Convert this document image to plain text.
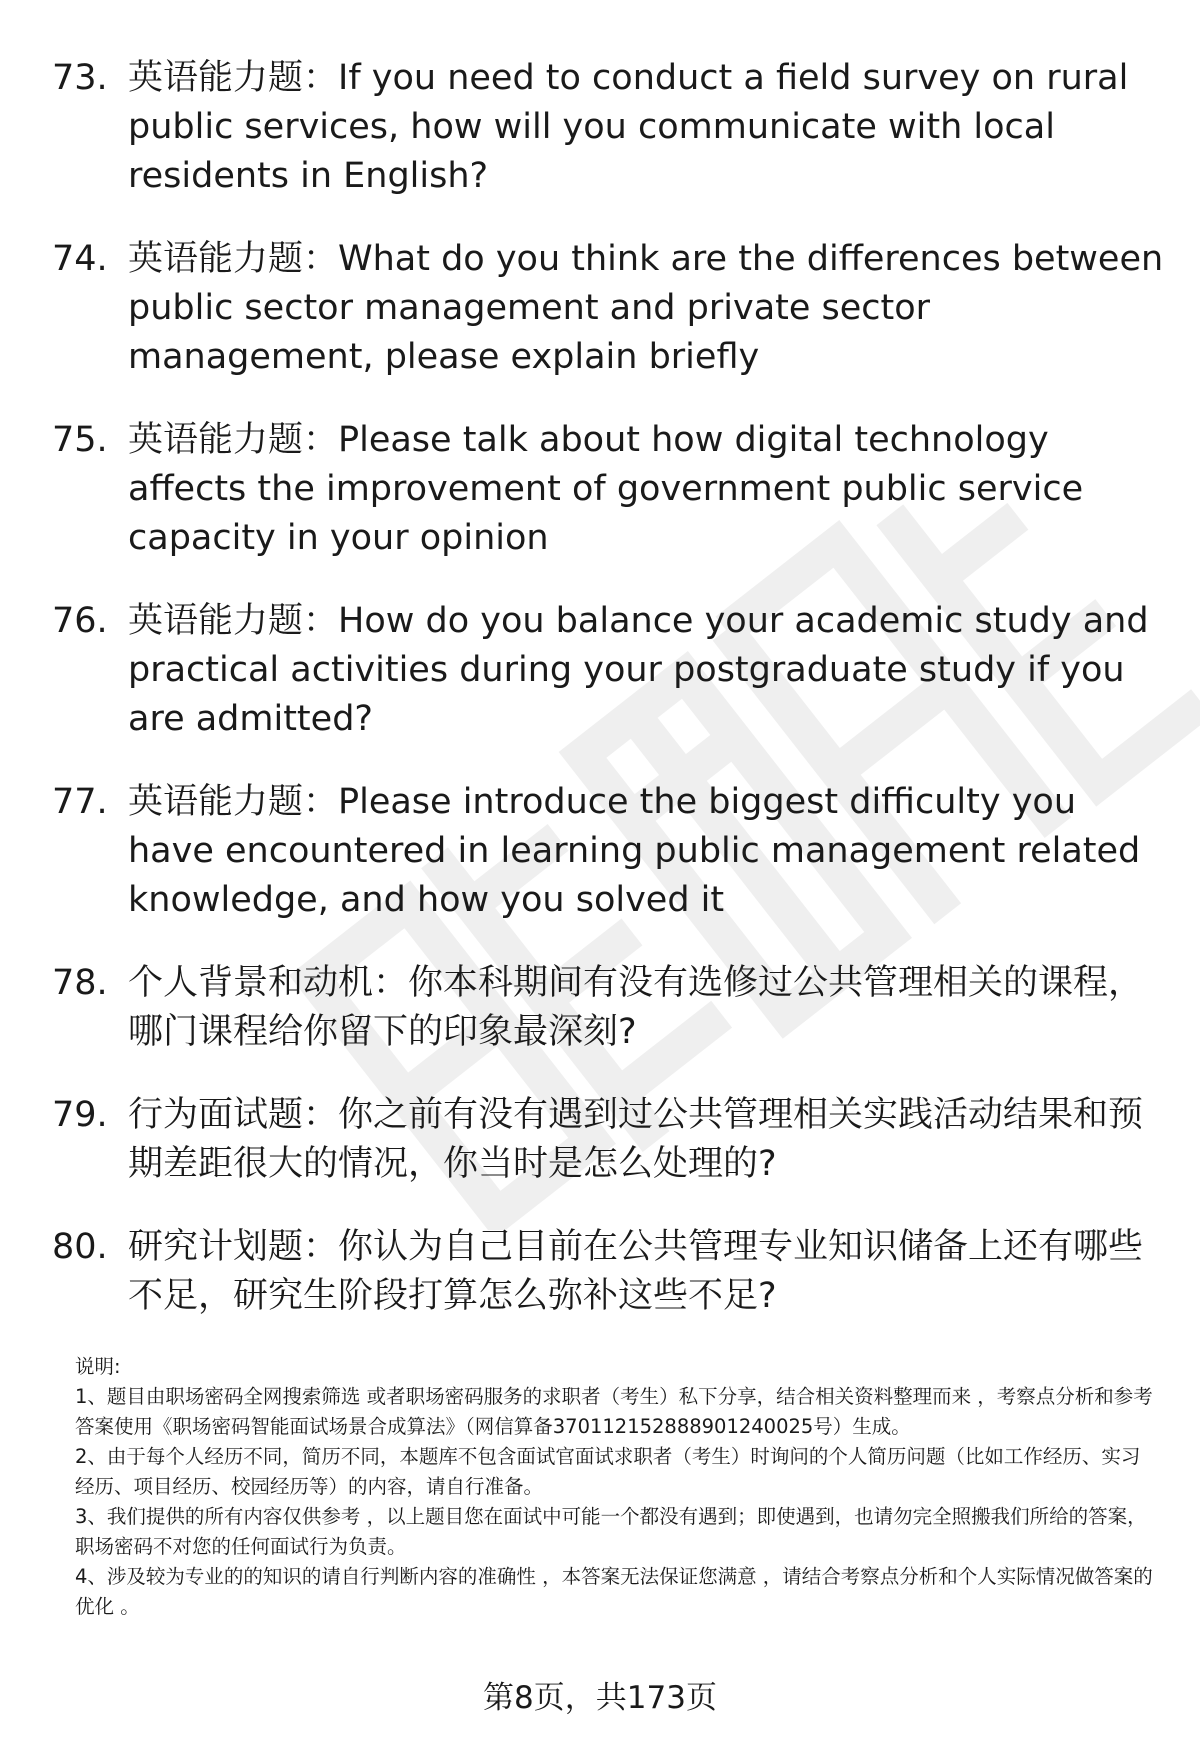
73. 英语能力题：If you need to conduct a field survey on rural public services, how will you communicate with local residents in English?
74. 英语能力题：What do you think are the differences between public sector management and private sector management, please explain briefly
75. 英语能力题：Please talk about how digital technology affects the improvement of government public service capacity in your opinion
76. 英语能力题：How do you balance your academic study and practical activities during your postgraduate study if you are admitted?
77. 英语能力题：Please introduce the biggest difficulty you have encountered in learning public management related knowledge, and how you solved it
78. 个人背景和动机：你本科期间有没有选修过公共管理相关的课程，哪门课程给你留下的印象最深刻?
79. 行为面试题：你之前有没有遇到过公共管理相关实践活动结果和预期差距很大的情况，你当时是怎么处理的?
80. 研究计划题：你认为自己目前在公共管理专业知识储备上还有哪些不足，研究生阶段打算怎么弥补这些不足?

说明:

1、题目由职场密码全网搜索筛选 或者职场密码服务的求职者（考生）私下分享，结合相关资料整理而来 ，考察点分析和参考答案使用《职场密码智能面试场景合成算法》（网信算备370112152888901240025号）生成。

2、由于每个人经历不同，简历不同，本题库不包含面试官面试求职者（考生）时询问的个人简历问题（比如工作经历、实习经历、项目经历、校园经历等）的内容，请自行准备。

3、我们提供的所有内容仅供参考 ，以上题目您在面试中可能一个都没有遇到；即使遇到，也请勿完全照搬我们所给的答案，职场密码不对您的任何面试行为负责。

4、涉及较为专业的的知识的请自行判断内容的准确性 ，本答案无法保证您满意 ，请结合考察点分析和个人实际情况做答案的优化 。

第8页，共173页
